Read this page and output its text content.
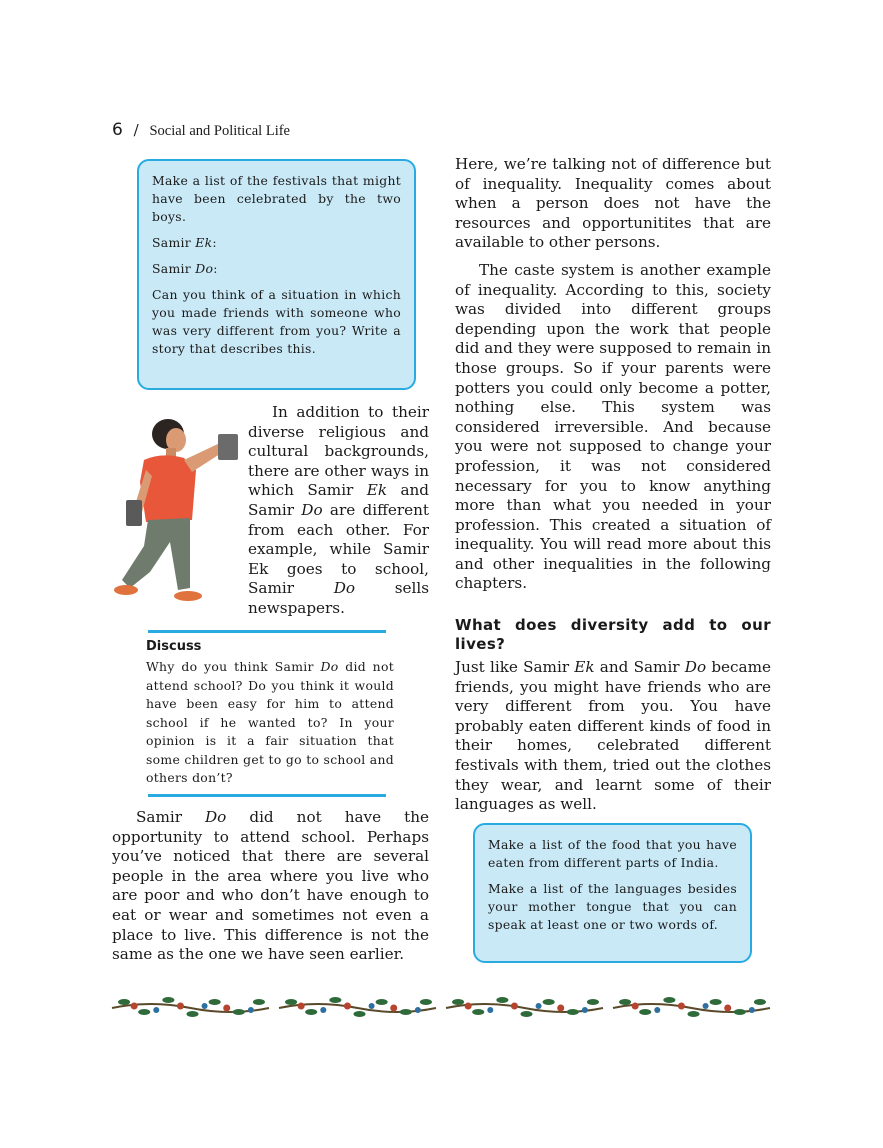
6 / Social and Political Life

Make a list of the festivals that might have been celebrated by the two boys.

Samir Ek:

Samir Do:

Can you think of a situation in which you made friends with someone who was very different from you? Write a story that describes this.

In addition to their diverse religious and cultural backgrounds, there are other ways in which Samir Ek and Samir Do are different from each other. For example, while Samir Ek goes to school, Samir Do sells newspapers.

Discuss
Why do you think Samir Do did not attend school? Do you think it would have been easy for him to attend school if he wanted to? In your opinion is it a fair situation that some children get to go to school and others don’t?

Samir Do did not have the opportunity to attend school. Perhaps you’ve noticed that there are several people in the area where you live who are poor and who don’t have enough to eat or wear and sometimes not even a place to live. This difference is not the same as the one we have seen earlier.

Here, we’re talking not of difference but of inequality. Inequality comes about when a person does not have the resources and opportunitites that are available to other persons.

The caste system is another example of inequality. According to this, society was divided into different groups depending upon the work that people did and they were supposed to remain in those groups. So if your parents were potters you could only become a potter, nothing else. This system was considered irreversible. And because you were not supposed to change your profession, it was not considered necessary for you to know anything more than what you needed in your profession. This created a situation of inequality. You will read more about this and other inequalities in the following chapters.

What does diversity add to our lives?

Just like Samir Ek and Samir Do became friends, you might have friends who are very different from you. You have probably eaten different kinds of food in their homes, celebrated different festivals with them, tried out the clothes they wear, and learnt some of their languages as well.

Make a list of the food that you have eaten from different parts of India.

Make a list of the languages besides your mother tongue that you can speak at least one or two words of.
